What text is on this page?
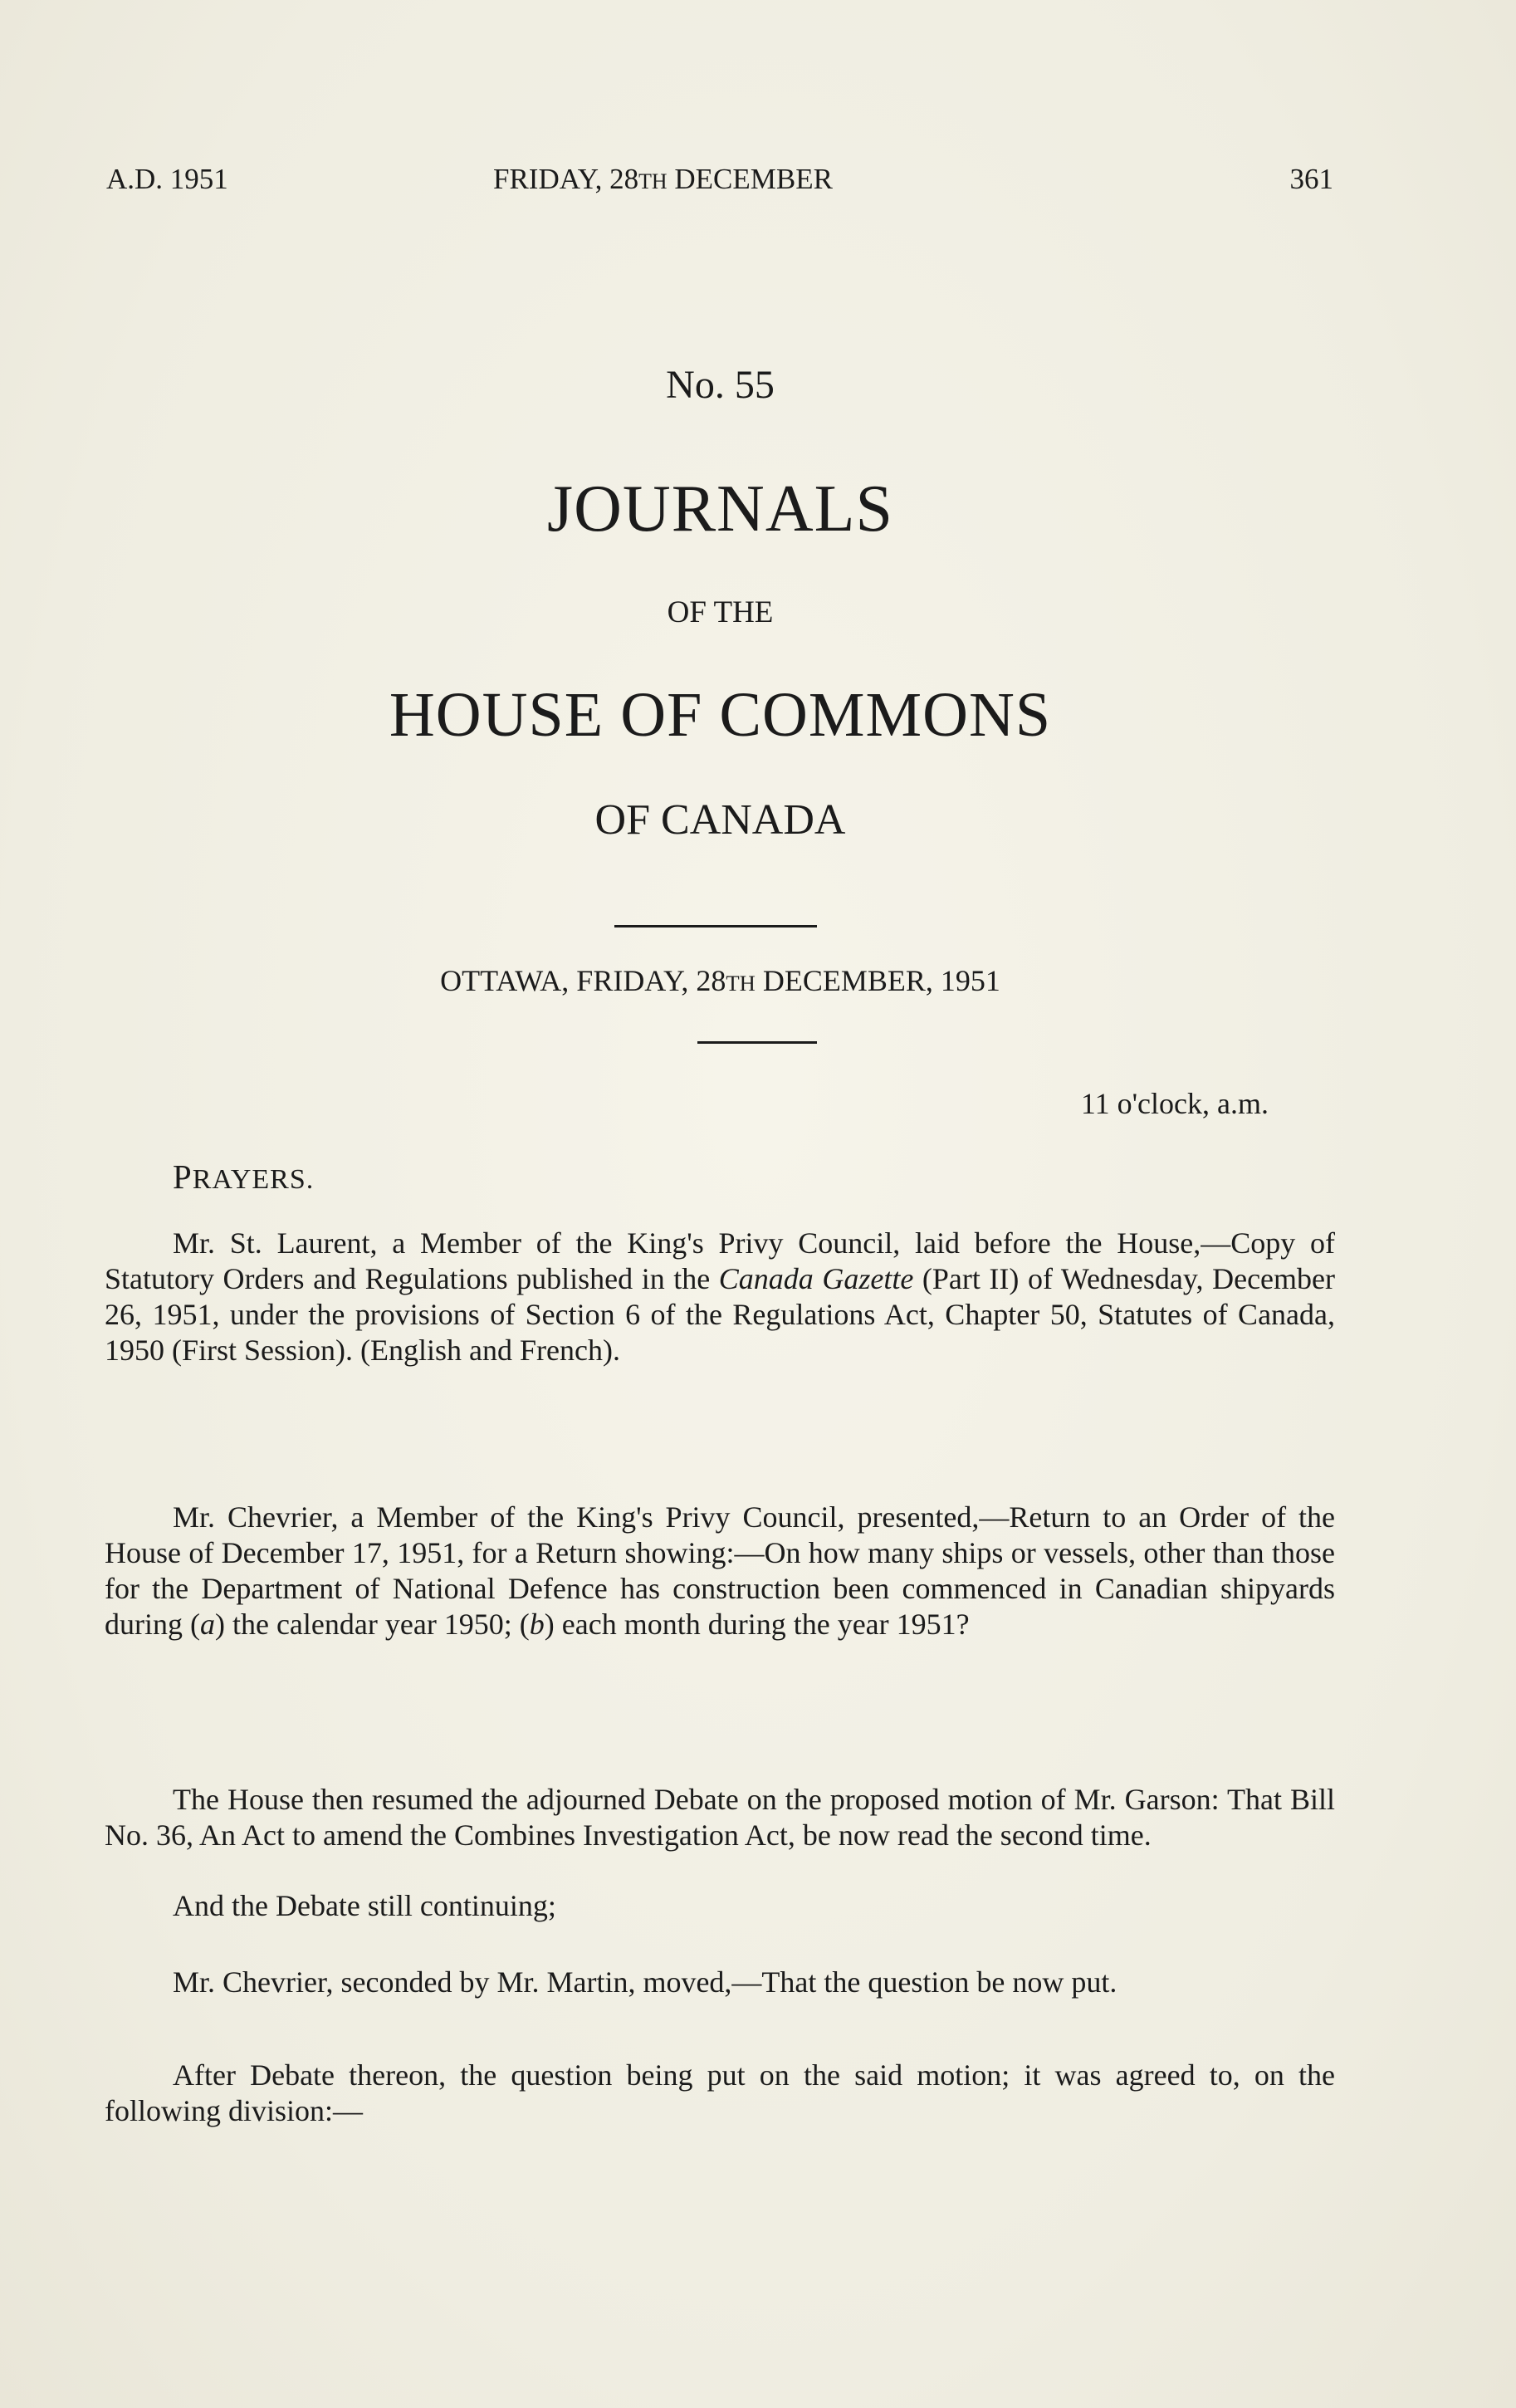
A.D. 1951	FRIDAY, 28TH DECEMBER	361
No. 55
JOURNALS
OF THE
HOUSE OF COMMONS
OF CANADA
OTTAWA, FRIDAY, 28TH DECEMBER, 1951
11 o'clock, a.m.
PRAYERS.

Mr. St. Laurent, a Member of the King's Privy Council, laid before the House,—Copy of Statutory Orders and Regulations published in the Canada Gazette (Part II) of Wednesday, December 26, 1951, under the provisions of Section 6 of the Regulations Act, Chapter 50, Statutes of Canada, 1950 (First Session). (English and French).

Mr. Chevrier, a Member of the King's Privy Council, presented,—Return to an Order of the House of December 17, 1951, for a Return showing:—On how many ships or vessels, other than those for the Department of National Defence has construction been commenced in Canadian shipyards during (a) the calendar year 1950; (b) each month during the year 1951?

The House then resumed the adjourned Debate on the proposed motion of Mr. Garson: That Bill No. 36, An Act to amend the Combines Investigation Act, be now read the second time.

And the Debate still continuing;

Mr. Chevrier, seconded by Mr. Martin, moved,—That the question be now put.

After Debate thereon, the question being put on the said motion; it was agreed to, on the following division:—
